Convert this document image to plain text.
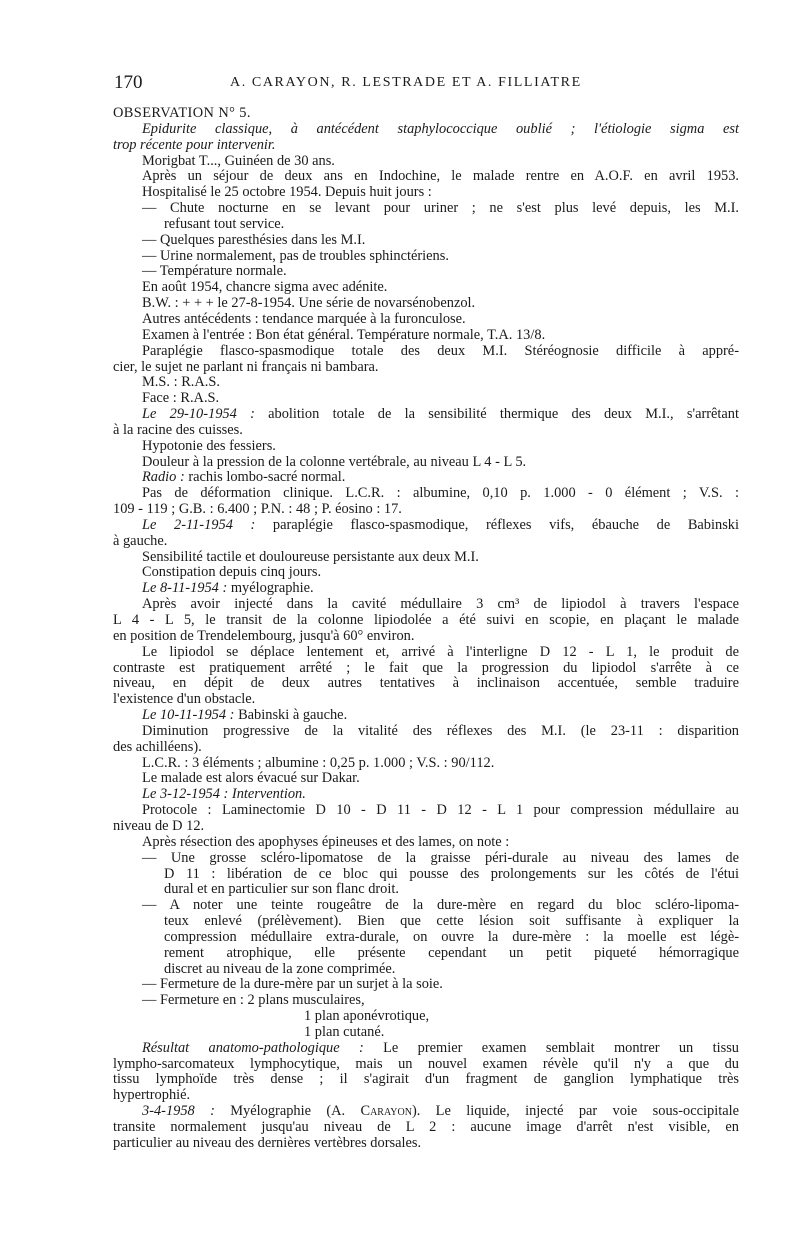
170	A. CARAYON, R. LESTRADE ET A. FILLIATRE
OBSERVATION N° 5.
Epidurite classique, à antécédent staphylococcique oublié ; l'étiologie sigma est
trop récente pour intervenir.
Morigbat T..., Guinéen de 30 ans.
Après un séjour de deux ans en Indochine, le malade rentre en A.O.F. en avril 1953.
Hospitalisé le 25 octobre 1954. Depuis huit jours :
— Chute nocturne en se levant pour uriner ; ne s'est plus levé depuis, les M.I.
refusant tout service.
— Quelques paresthésies dans les M.I.
— Urine normalement, pas de troubles sphinctériens.
— Température normale.
En août 1954, chancre sigma avec adénite.
B.W. : + + + le 27-8-1954. Une série de novarsénobenzol.
Autres antécédents : tendance marquée à la furonculose.
Examen à l'entrée : Bon état général. Température normale, T.A. 13/8.
Paraplégie flasco-spasmodique totale des deux M.I. Stéréognosie difficile à appré-
cier, le sujet ne parlant ni français ni bambara.
M.S. : R.A.S.
Face : R.A.S.
Le 29-10-1954 : abolition totale de la sensibilité thermique des deux M.I., s'arrêtant
à la racine des cuisses.
Hypotonie des fessiers.
Douleur à la pression de la colonne vertébrale, au niveau L 4 - L 5.
Radio : rachis lombo-sacré normal.
Pas de déformation clinique. L.C.R. : albumine, 0,10 p. 1.000 - 0 élément ; V.S. :
109 - 119 ; G.B. : 6.400 ; P.N. : 48 ; P. éosino : 17.
Le 2-11-1954 : paraplégie flasco-spasmodique, réflexes vifs, ébauche de Babinski
à gauche.
Sensibilité tactile et douloureuse persistante aux deux M.I.
Constipation depuis cinq jours.
Le 8-11-1954 : myélographie.
Après avoir injecté dans la cavité médullaire 3 cm³ de lipiodol à travers l'espace
L 4 - L 5, le transit de la colonne lipiodolée a été suivi en scopie, en plaçant le malade
en position de Trendelembourg, jusqu'à 60° environ.
Le lipiodol se déplace lentement et, arrivé à l'interligne D 12 - L 1, le produit de
contraste est pratiquement arrêté ; le fait que la progression du lipiodol s'arrête à ce
niveau, en dépit de deux autres tentatives à inclinaison accentuée, semble traduire
l'existence d'un obstacle.
Le 10-11-1954 : Babinski à gauche.
Diminution progressive de la vitalité des réflexes des M.I. (le 23-11 : disparition
des achilléens).
L.C.R. : 3 éléments ; albumine : 0,25 p. 1.000 ; V.S. : 90/112.
Le malade est alors évacué sur Dakar.
Le 3-12-1954 : Intervention.
Protocole : Laminectomie D 10 - D 11 - D 12 - L 1 pour compression médullaire au
niveau de D 12.
Après résection des apophyses épineuses et des lames, on note :
— Une grosse scléro-lipomatose de la graisse péri-durale au niveau des lames de
D 11 : libération de ce bloc qui pousse des prolongements sur les côtés de l'étui
dural et en particulier sur son flanc droit.
— A noter une teinte rougeâtre de la dure-mère en regard du bloc scléro-lipoma-
teux enlevé (prélèvement). Bien que cette lésion soit suffisante à expliquer la
compression médullaire extra-durale, on ouvre la dure-mère : la moelle est légè-
rement atrophique, elle présente cependant un petit piqueté hémorragique
discret au niveau de la zone comprimée.
— Fermeture de la dure-mère par un surjet à la soie.
— Fermeture en : 2 plans musculaires,
1 plan aponévrotique,
1 plan cutané.
Résultat anatomo-pathologique : Le premier examen semblait montrer un tissu
lympho-sarcomateux lymphocytique, mais un nouvel examen révèle qu'il n'y a que du
tissu lymphoïde très dense ; il s'agirait d'un fragment de ganglion lymphatique très
hypertrophié.
3-4-1958 : Myélographie (A. Carayon). Le liquide, injecté par voie sous-occipitale
transite normalement jusqu'au niveau de L 2 : aucune image d'arrêt n'est visible, en
particulier au niveau des dernières vertèbres dorsales.
